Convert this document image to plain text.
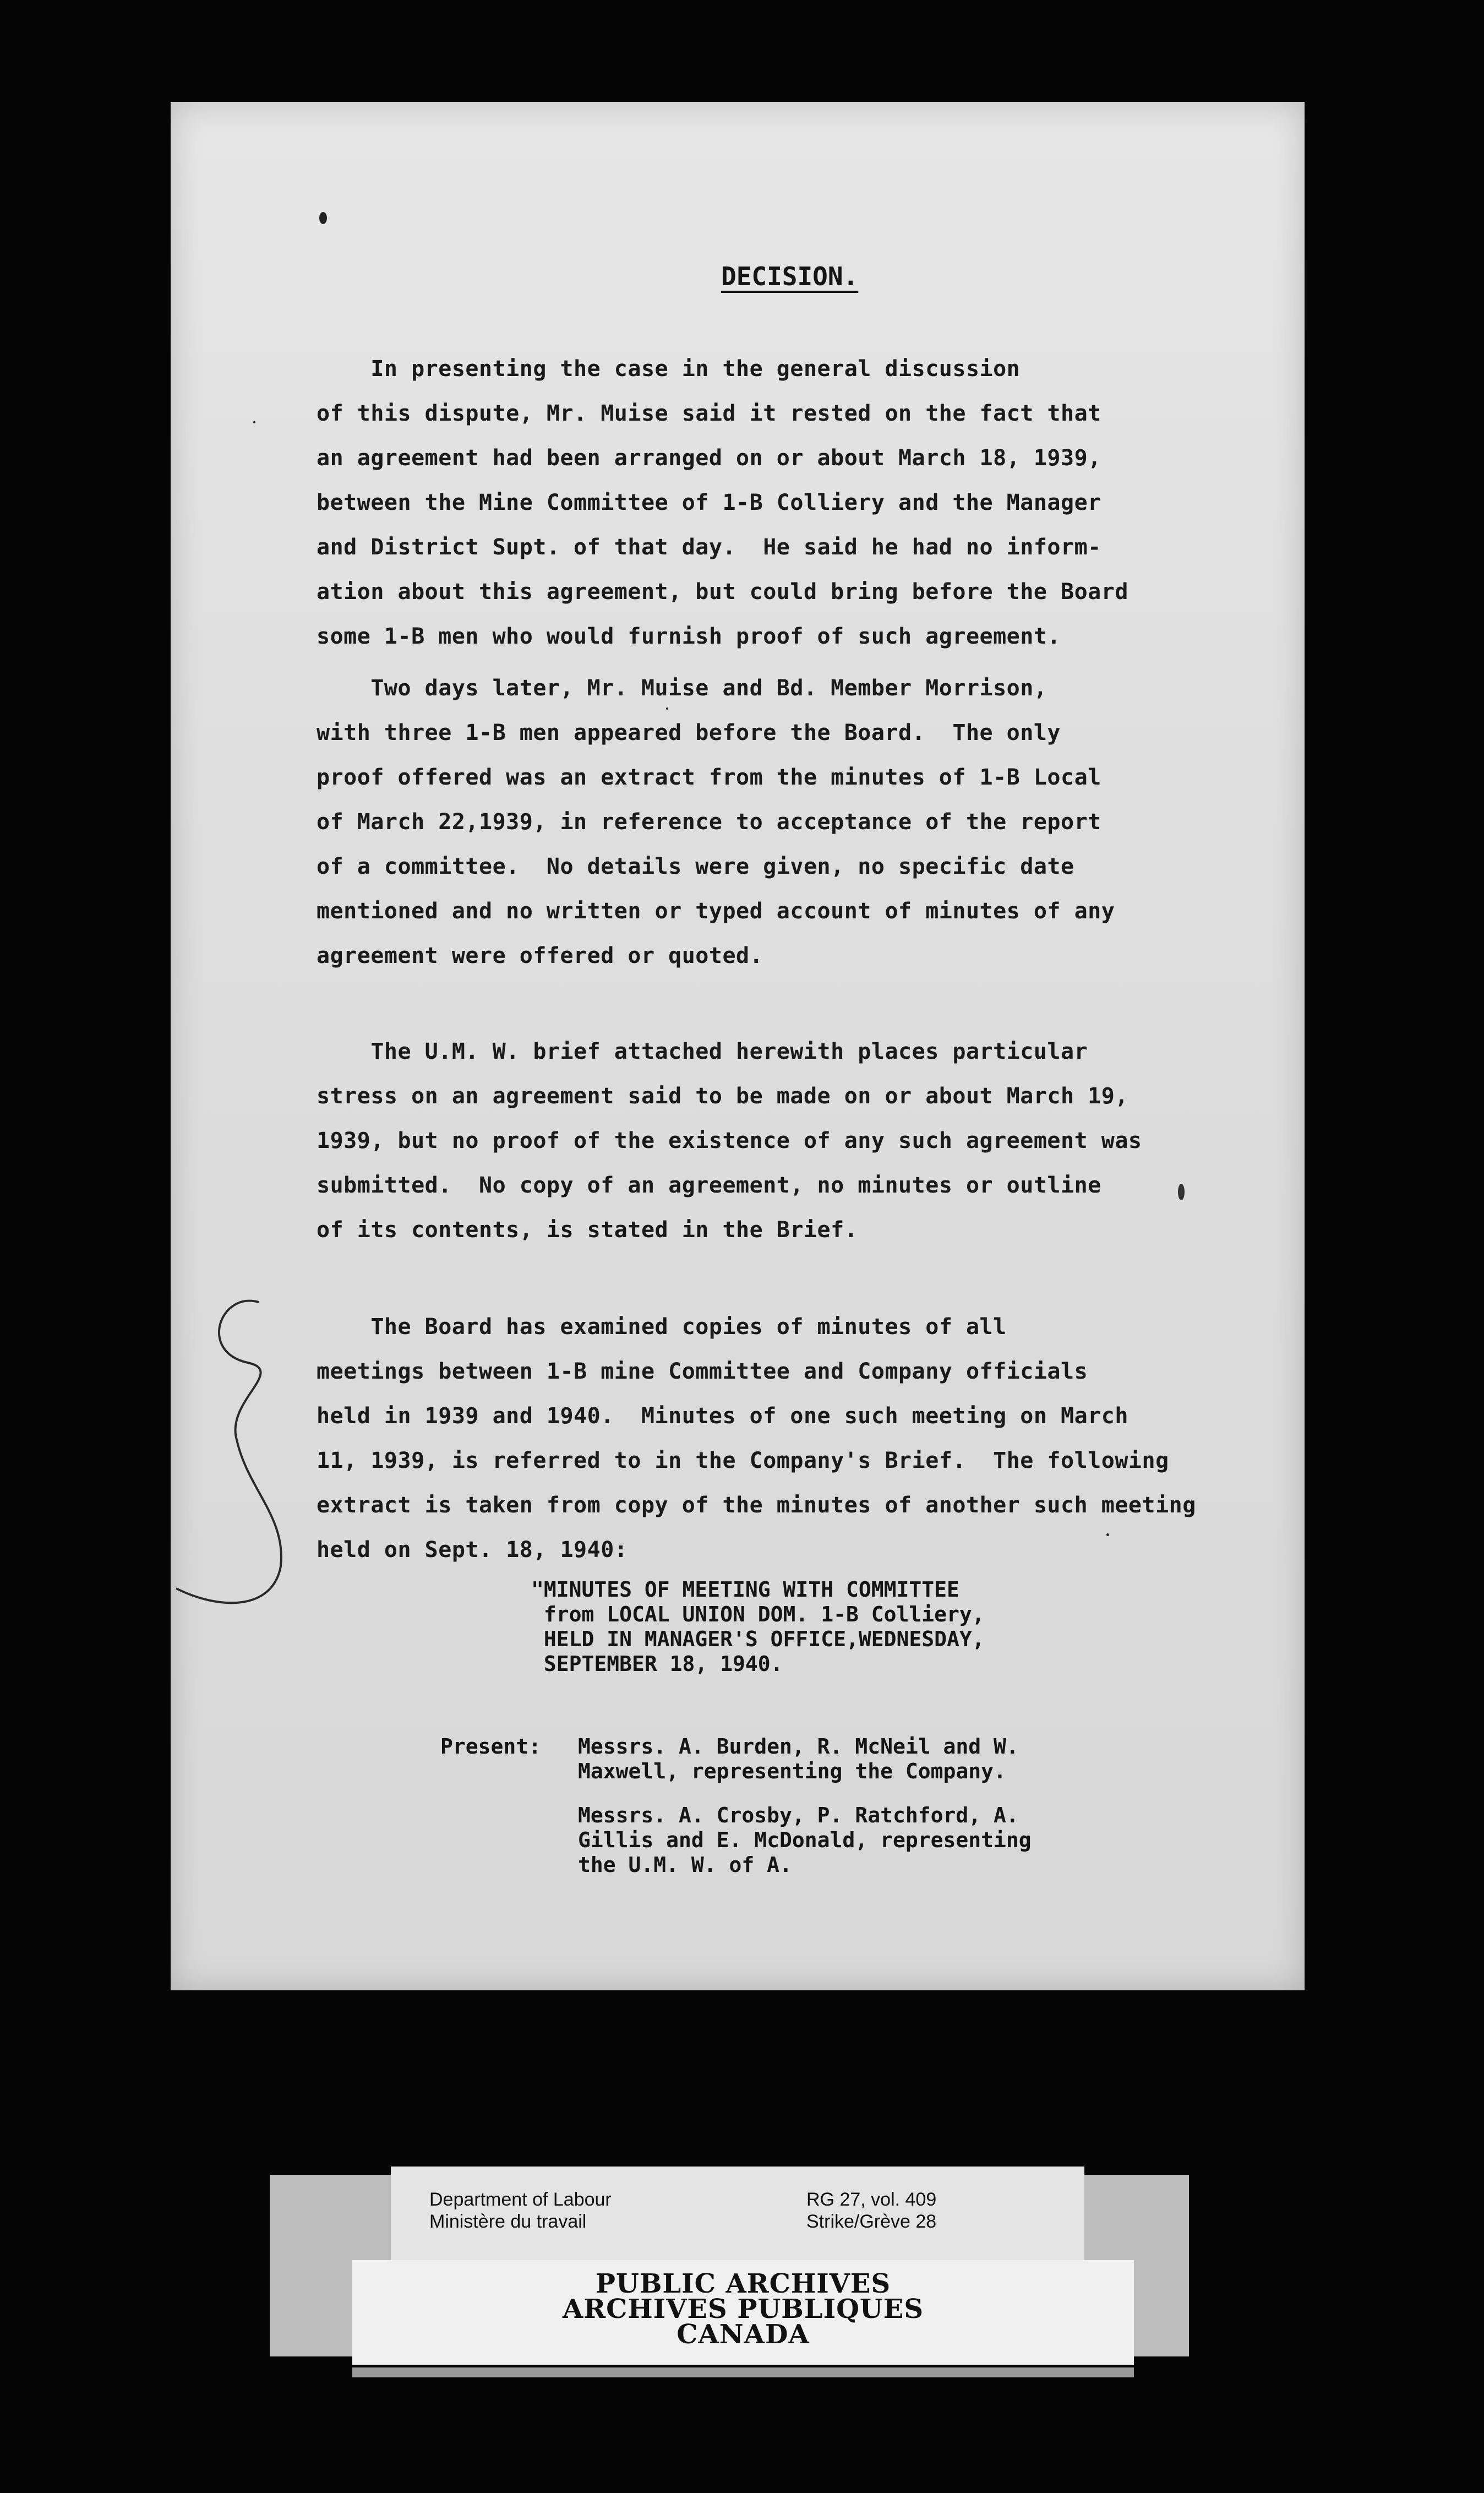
DECISION.
In presenting the case in the general discussion
of this dispute, Mr. Muise said it rested on the fact that
an agreement had been arranged on or about March 18, 1939,
between the Mine Committee of 1-B Colliery and the Manager
and District Supt. of that day.  He said he had no inform-
ation about this agreement, but could bring before the Board
some 1-B men who would furnish proof of such agreement.
Two days later, Mr. Muise and Bd. Member Morrison,
with three 1-B men appeared before the Board.  The only
proof offered was an extract from the minutes of 1-B Local
of March 22,1939, in reference to acceptance of the report
of a committee.  No details were given, no specific date
mentioned and no written or typed account of minutes of any
agreement were offered or quoted.
The U.M. W. brief attached herewith places particular
stress on an agreement said to be made on or about March 19,
1939, but no proof of the existence of any such agreement was
submitted.  No copy of an agreement, no minutes or outline
of its contents, is stated in the Brief.
The Board has examined copies of minutes of all
meetings between 1-B mine Committee and Company officials
held in 1939 and 1940.  Minutes of one such meeting on March
11, 1939, is referred to in the Company's Brief.  The following
extract is taken from copy of the minutes of another such meeting
held on Sept. 18, 1940:
"MINUTES OF MEETING WITH COMMITTEE
from LOCAL UNION DOM. 1-B Colliery,
HELD IN MANAGER'S OFFICE,WEDNESDAY,
SEPTEMBER 18, 1940.
Present: Messrs. A. Burden, R. McNeil and W.
Maxwell, representing the Company.
Messrs. A. Crosby, P. Ratchford, A.
Gillis and E. McDonald, representing
the U.M. W. of A.
Department of Labour
Ministère du travail
RG 27, vol. 409
Strike/Grève 28
PUBLIC ARCHIVES
ARCHIVES PUBLIQUES
CANADA
